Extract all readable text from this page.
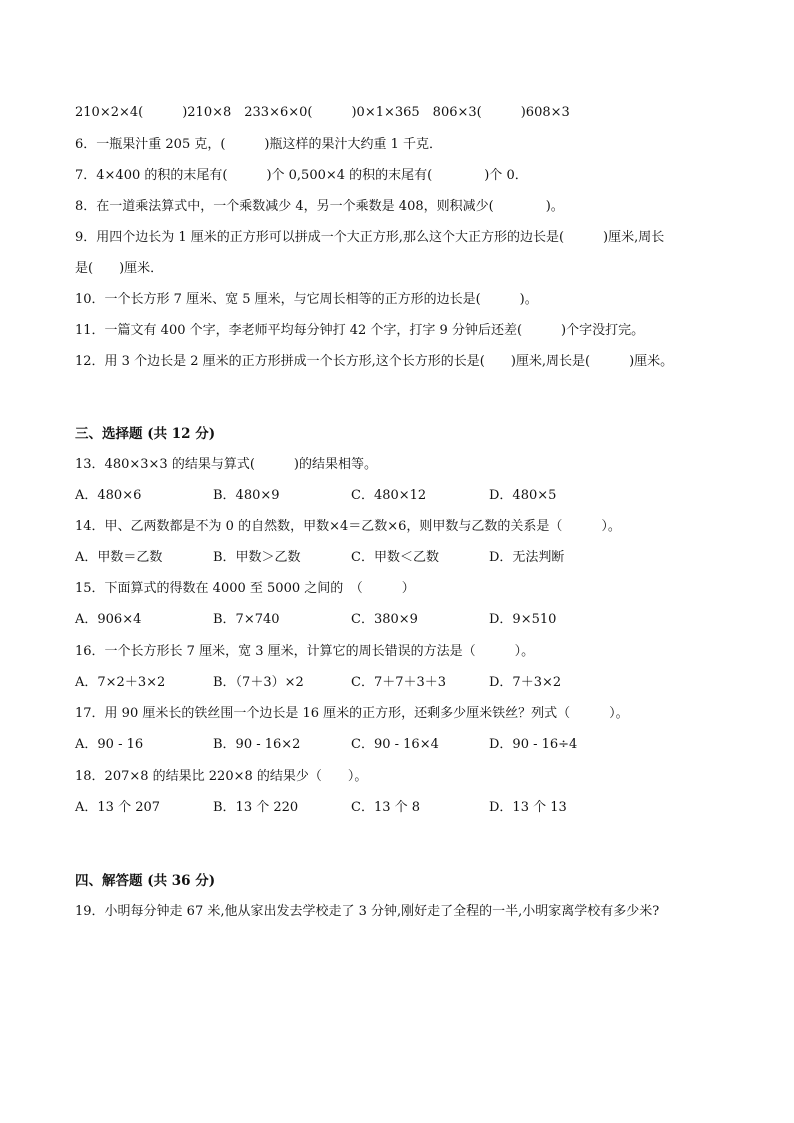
210×2×4(　　　)210×8　233×6×0(　　　)0×1×365　806×3(　　　)608×3
6．一瓶果汁重 205 克，(　　　)瓶这样的果汁大约重 1 千克．
7．4×400 的积的末尾有(　　　)个 0,500×4 的积的末尾有(　　　　)个 0．
8．在一道乘法算式中，一个乘数减少 4，另一个乘数是 408，则积减少(　　　　)。
9．用四个边长为 1 厘米的正方形可以拼成一个大正方形,那么这个大正方形的边长是(　　　)厘米,周长
是(　　)厘米．
10．一个长方形 7 厘米、宽 5 厘米，与它周长相等的正方形的边长是(　　　)。
11．一篇文有 400 个字，李老师平均每分钟打 42 个字，打字 9 分钟后还差(　　　)个字没打完。
12．用 3 个边长是 2 厘米的正方形拼成一个长方形,这个长方形的长是(　　)厘米,周长是(　　　)厘米。
三、选择题 (共 12 分)
13．480×3×3 的结果与算式(　　　)的结果相等。
A．480×6	B．480×9	C．480×12	D．480×5
14．甲、乙两数都是不为 0 的自然数，甲数×4＝乙数×6，则甲数与乙数的关系是（　　　）。
A．甲数＝乙数	B．甲数＞乙数	C．甲数＜乙数	D．无法判断
15．下面算式的得数在 4000 至 5000 之间的　（　　　）
A．906×4	B．7×740	C．380×9	D．9×510
16．一个长方形长 7 厘米，宽 3 厘米，计算它的周长错误的方法是（　　　）。
A．7×2＋3×2	B．（7＋3）×2	C．7＋7＋3＋3	D．7＋3×2
17．用 90 厘米长的铁丝围一个边长是 16 厘米的正方形，还剩多少厘米铁丝？列式（　　　）。
A．90 - 16	B．90 - 16×2	C．90 - 16×4	D．90 - 16÷4
18．207×8 的结果比 220×8 的结果少（　　）。
A．13 个 207	B．13 个 220	C．13 个 8	D．13 个 13
四、解答题 (共 36 分)
19．小明每分钟走 67 米,他从家出发去学校走了 3 分钟,刚好走了全程的一半,小明家离学校有多少米?
